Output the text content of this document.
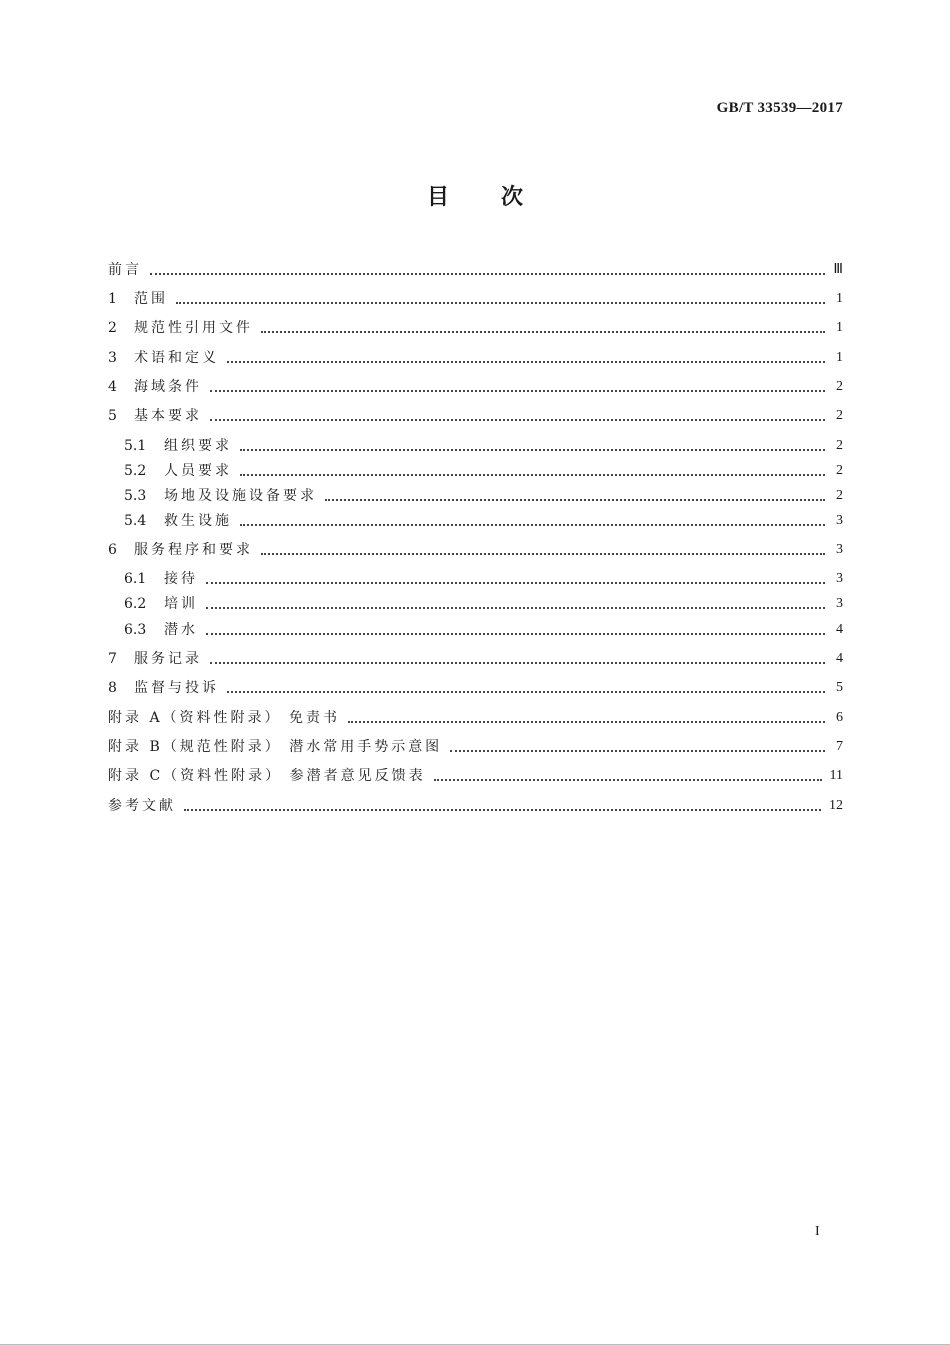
GB/T 33539—2017
目 次
前言	Ⅲ
1	范围	1
2	规范性引用文件	1
3	术语和定义	1
4	海域条件	2
5	基本要求	2
5.1	组织要求	2
5.2	人员要求	2
5.3	场地及设施设备要求	2
5.4	救生设施	3
6	服务程序和要求	3
6.1	接待	3
6.2	培训	3
6.3	潜水	4
7	服务记录	4
8	监督与投诉	5
附录 A（资料性附录） 免责书	6
附录 B（规范性附录） 潜水常用手势示意图	7
附录 C（资料性附录） 参潜者意见反馈表	11
参考文献	12
I
